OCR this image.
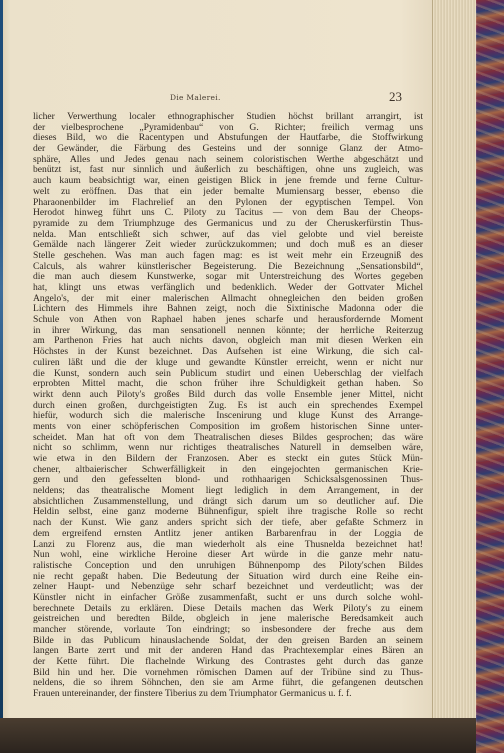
Die Malerei.	23
licher Verwerthung localer ethnographischer Studien höchst brillant arrangirt, ist
der vielbesprochene „Pyramidenbau“ von G. Richter; freilich vermag uns
dieses Bild, wo die Racentypen und Abstufungen der Hautfarbe, die Stoffwirkung
der Gewänder, die Färbung des Gesteins und der sonnige Glanz der Atmo-
sphäre, Alles und Jedes genau nach seinem coloristischen Werthe abgeschätzt und
benützt ist, fast nur sinnlich und äußerlich zu beschäftigen, ohne uns zugleich, was
auch kaum beabsichtigt war, einen geistigen Blick in jene fremde und ferne Cultur-
welt zu eröffnen. Das that ein jeder bemalte Mumiensarg besser, ebenso die
Pharaonenbilder im Flachrelief an den Pylonen der egyptischen Tempel. Von
Herodot hinweg führt uns C. Piloty zu Tacitus — von dem Bau der Cheops-
pyramide zu dem Triumphzuge des Germanicus und zu der Cheruskerfürstin Thus-
nelda. Man entschließt sich schwer, auf das viel gelobte und viel bereiste
Gemälde nach längerer Zeit wieder zurückzukommen; und doch muß es an dieser
Stelle geschehen. Was man auch fagen mag: es ist weit mehr ein Erzeugniß des
Calculs, als wahrer künstlerischer Begeisterung. Die Bezeichnung „Sensationsbild“,
die man auch diesem Kunstwerke, sogar mit Unterstreichung des Wortes gegeben
hat, klingt uns etwas verfänglich und bedenklich. Weder der Gottvater Michel
Angelo's, der mit einer malerischen Allmacht ohnegleichen den beiden großen
Lichtern des Himmels ihre Bahnen zeigt, noch die Sixtinische Madonna oder die
Schule von Athen von Raphael haben jenes scharfe und herausfordernde Moment
in ihrer Wirkung, das man sensationell nennen könnte; der herrliche Reiterzug
am Parthenon Fries hat auch nichts davon, obgleich man mit diesen Werken ein
Höchstes in der Kunst bezeichnet. Das Aufsehen ist eine Wirkung, die sich cal-
culiren läßt und die der kluge und gewandte Künstler erreicht, wenn er nicht nur
die Kunst, sondern auch sein Publicum studirt und einen Ueberschlag der vielfach
erprobten Mittel macht, die schon früher ihre Schuldigkeit gethan haben. So
wirkt denn auch Piloty's großes Bild durch das volle Ensemble jener Mittel, nicht
durch einen großen, durchgeistigten Zug. Es ist auch ein sprechendes Exempel
hiefür, wodurch sich die malerische Inscenirung und kluge Kunst des Arrange-
ments von einer schöpferischen Composition im großem historischen Sinne unter-
scheidet. Man hat oft von dem Theatralischen dieses Bildes gesprochen; das wäre
nicht so schlimm, wenn nur richtiges theatralisches Naturell in demselben wäre,
wie etwa in den Bildern der Franzosen. Aber es steckt ein gutes Stück Mün-
chener, altbaierischer Schwerfälligkeit in den eingejochten germanischen Krie-
gern und den gefesselten blond- und rothhaarigen Schicksalsgenossinen Thus-
neldens; das theatralische Moment liegt lediglich in dem Arrangement, in der
absichtlichen Zusammenstellung, und drängt sich darum um so deutlicher auf. Die
Heldin selbst, eine ganz moderne Bühnenfigur, spielt ihre tragische Rolle so recht
nach der Kunst. Wie ganz anders spricht sich der tiefe, aber gefaßte Schmerz in
dem ergreifend ernsten Antlitz jener antiken Barbarenfrau in der Loggia de
Lanzi zu Florenz aus, die man wiederholt als eine Thusnelda bezeichnet hat!
Nun wohl, eine wirkliche Heroine dieser Art würde in die ganze mehr natu-
ralistische Conception und den unruhigen Bühnenpomp des Piloty'schen Bildes
nie recht gepaßt haben. Die Bedeutung der Situation wird durch eine Reihe ein-
zelner Haupt- und Nebenzüge sehr scharf bezeichnet und verdeutlicht; was der
Künstler nicht in einfacher Größe zusammenfaßt, sucht er uns durch solche wohl-
berechnete Details zu erklären. Diese Details machen das Werk Piloty's zu einem
geistreichen und beredten Bilde, obgleich in jene malerische Beredsamkeit auch
mancher störende, vorlaute Ton eindringt; so insbesondere der freche aus dem
Bilde in das Publicum hinauslachende Soldat, der den greisen Barden an seinem
langen Barte zerrt und mit der anderen Hand das Prachtexemplar eines Bären an
der Kette führt. Die flachelnde Wirkung des Contrastes geht durch das ganze
Bild hin und her. Die vornehmen römischen Damen auf der Tribüne sind zu Thus-
neldens, die so ihrem Söhnchen, den sie am Arme führt, die gefangenen deutschen
Frauen untereinander, der finstere Tiberius zu dem Triumphator Germanicus u. f. f.
